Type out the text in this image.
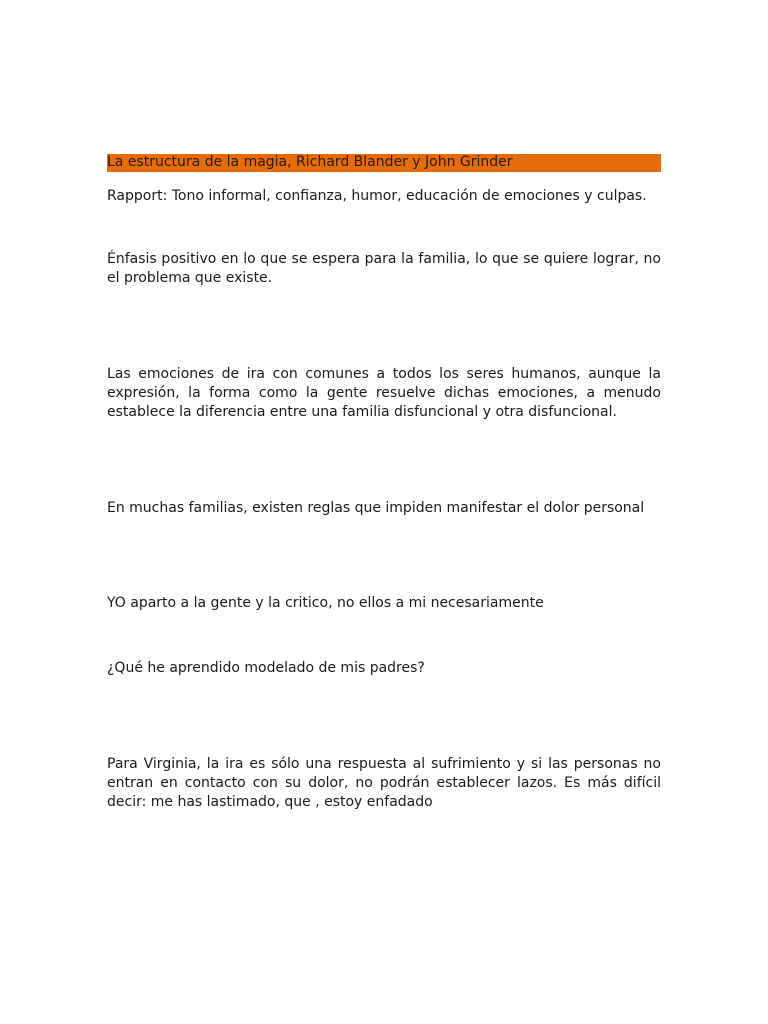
La estructura de la magia, Richard Blander y John Grinder

Rapport: Tono informal, confianza, humor, educación de emociones y culpas.

Énfasis positivo en lo que se espera para la familia, lo que se quiere lograr, no el problema que existe.

Las emociones de ira con comunes a todos los seres humanos, aunque la expresión, la forma como la gente resuelve dichas emociones, a menudo establece la diferencia entre una familia disfuncional y otra disfuncional.

En muchas familias, existen reglas que impiden manifestar el dolor personal

YO aparto a la gente y la critico, no ellos a mi necesariamente

¿Qué he aprendido modelado de mis padres?

Para Virginia, la ira es sólo una respuesta al sufrimiento y si las personas no entran en contacto con su dolor, no podrán establecer lazos. Es más difícil decir: me has lastimado, que , estoy enfadado
